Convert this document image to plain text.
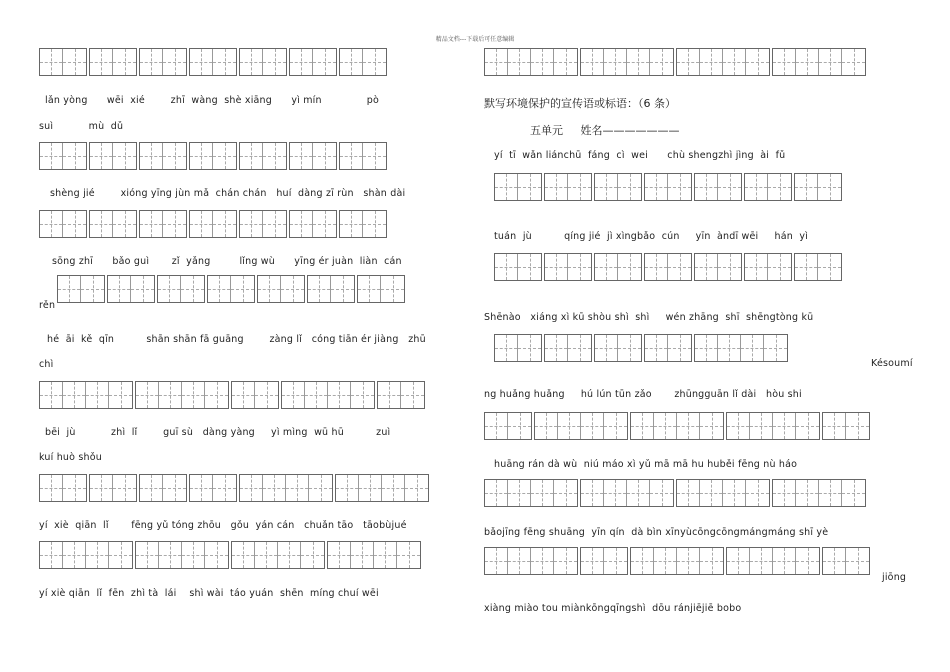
精品文档---下载后可任意编辑
lǎn yòng      wēi  xié        zhī  wàng  shè xiāng      yì mín              pò
suì           mù  dǔ
shèng jié        xióng yīng jùn mǎ  chán chán   huí  dàng zī rùn   shàn dài
sōng zhī      bǎo guì       zǐ  yǎng         lǐng wù      yīng ér juàn  liàn  cán
rěn
hé  āi  kě  qīn          shān shān fā guāng        zàng lǐ   cóng tiān ér jiàng   zhū
chì
bēi  jù           zhì  lǐ        guī sù   dàng yàng     yì mìng  wū hū          zuì
kuí huò shǒu
yí  xiè  qiān  lǐ       fēng yǔ tóng zhōu   gǒu  yán cán   chuǎn tāo   tāobùjué
yí xiè qiān  lǐ  fēn  zhì tà  lái    shì wài  táo yuán  shēn  míng chuí wēi
默写环境保护的宣传语或标语：（6 条）
五单元     姓名———————
yí  tī  wǎn liánchū  fáng  cì  wei      chù shengzhì jìng  ài  fǔ
tuán  jù          qíng jié  jì xìngbǎo  cún     yīn  àndī wēi     hán  yì
Shēnào   xiáng xì kū shòu shì  shì     wén zhāng  shī  shēngtòng kū
Késoumí
ng huǎng huǎng     hú lún tūn zǎo       zhūngguān lǐ dài   hòu shi
huāng rán dà wù  niú máo xì yǔ mā mā hu huběi fēng nù háo
bǎojīng fēng shuāng  yīn qín  dà bìn xīnyùcōngcōngmángmáng shī yè
jiōng
xiàng miào tou miànkōngqīngshì  dōu ránjiējiē bobo
